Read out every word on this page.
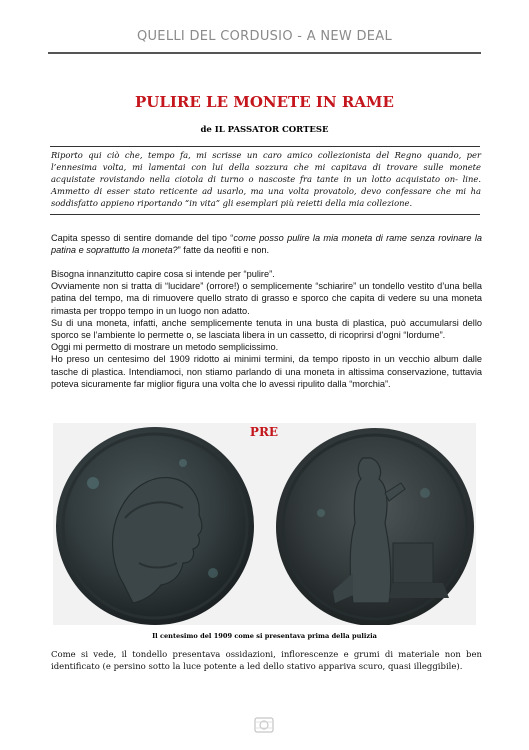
QUELLI DEL CORDUSIO - A NEW DEAL
PULIRE LE MONETE IN RAME
de IL PASSATOR CORTESE
Riporto qui ciò che, tempo fa, mi scrisse un caro amico collezionista del Regno quando, per l’ennesima volta, mi lamentai con lui della sozzura che mi capitava di trovare sulle monete acquistate rovistando nella ciotola di turno o nascoste fra tante in un lotto acquistato on- line. Ammetto di esser stato reticente ad usarlo, ma una volta provatolo, devo confessare che mi ha soddisfatto appieno riportando “in vita” gli esemplari più reietti della mia collezione.

Capita spesso di sentire domande del tipo “come posso pulire la mia moneta di rame senza rovinare la patina e soprattutto la moneta?” fatte da neofiti e non.

Bisogna innanzitutto capire cosa si intende per “pulire”.

Ovviamente non si tratta di “lucidare” (orrore!) o semplicemente “schiarire” un tondello vestito d’una bella patina del tempo, ma di rimuovere quello strato di grasso e sporco che capita di vedere su una moneta rimasta per troppo tempo in un luogo non adatto.

Su di una moneta, infatti, anche semplicemente tenuta in una busta di plastica, può accumularsi dello sporco se l’ambiente lo permette o, se lasciata libera in un cassetto, di ricoprirsi d’ogni “lordume”.

Oggi mi permetto di mostrare un metodo semplicissimo.

Ho preso un centesimo del 1909 ridotto ai minimi termini, da tempo riposto in un vecchio album dalle tasche di plastica. Intendiamoci, non stiamo parlando di una moneta in altissima conservazione, tuttavia poteva sicuramente far miglior figura una volta che lo avessi ripulito dalla “morchia”.

PRE
Il centesimo del 1909 come si presentava prima della pulizia
Come si vede, il tondello presentava ossidazioni, inflorescenze e grumi di materiale non ben identificato (e persino sotto la luce potente a led dello stativo appariva scuro, quasi illeggibile).
